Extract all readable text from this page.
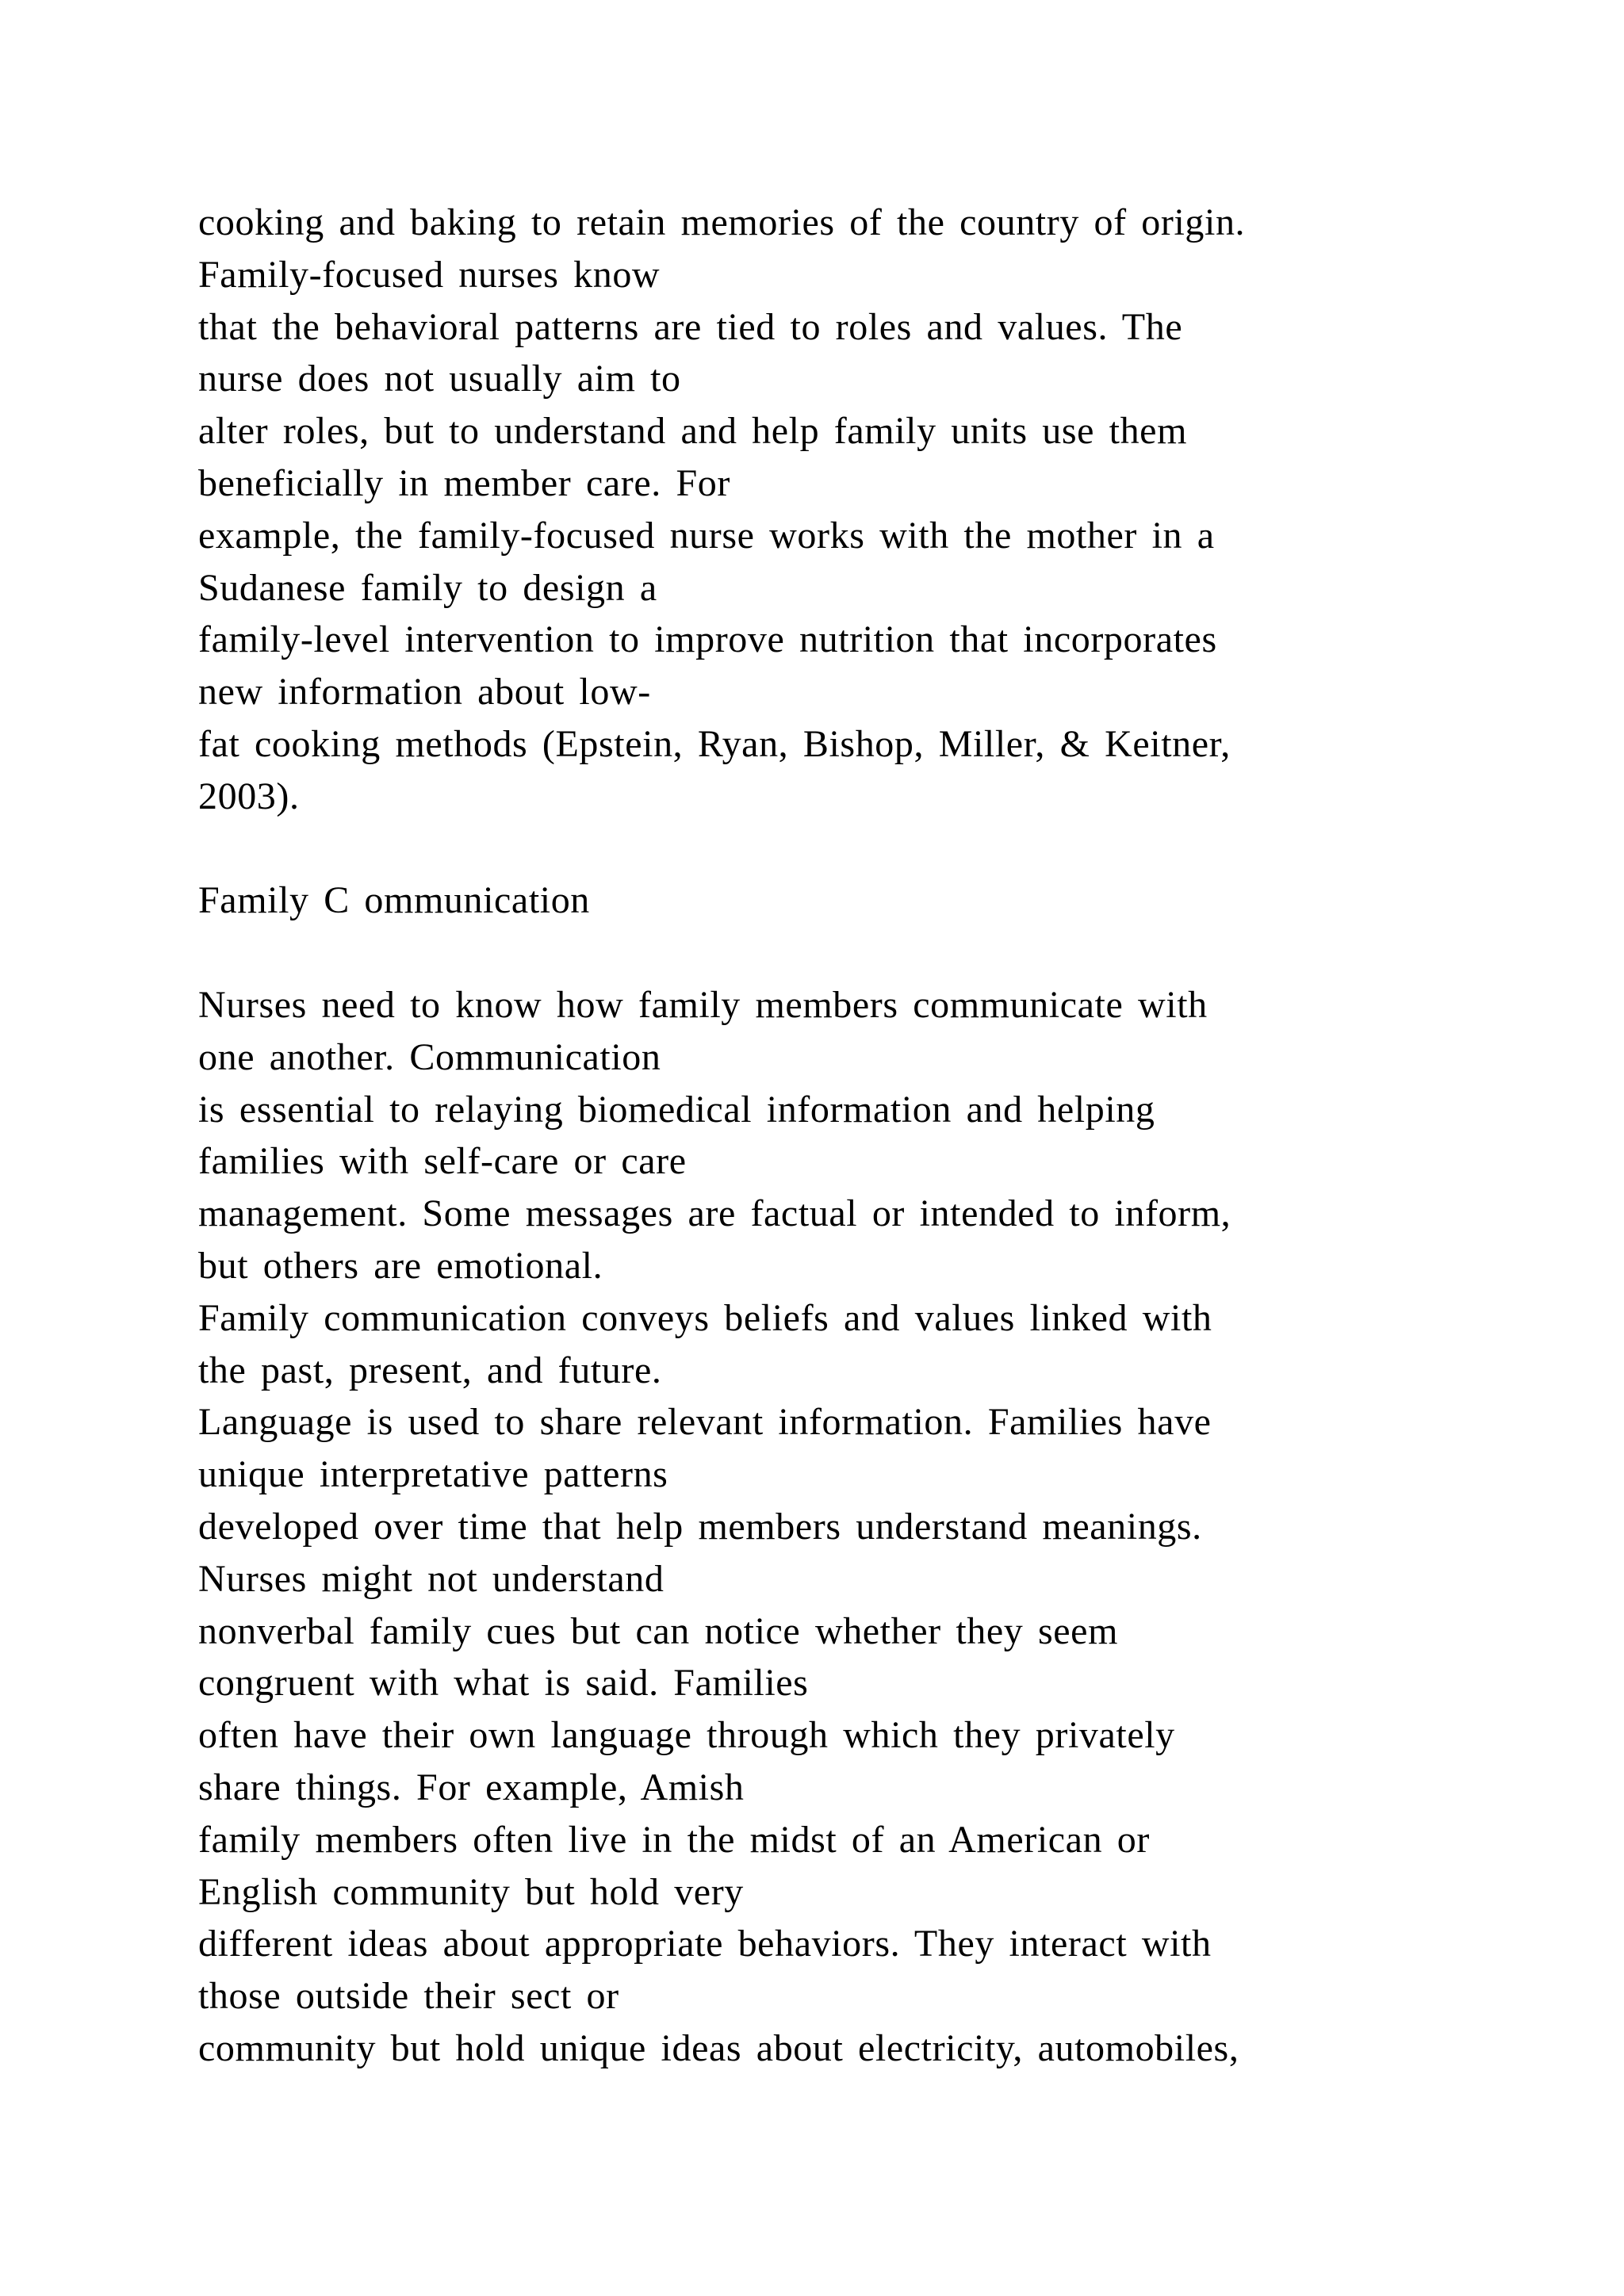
cooking and baking to retain memories of the country of origin.
Family-focused nurses know
that the behavioral patterns are tied to roles and values. The
nurse does not usually aim to
alter roles, but to understand and help family units use them
beneficially in member care. For
example, the family-focused nurse works with the mother in a
Sudanese family to design a
family-level intervention to improve nutrition that incorporates
new information about low-
fat cooking methods (Epstein, Ryan, Bishop, Miller, & Keitner,
2003).
Family C ommunication
Nurses need to know how family members communicate with
one another. Communication
is essential to relaying biomedical information and helping
families with self-care or care
management. Some messages are factual or intended to inform,
but others are emotional.
Family communication conveys beliefs and values linked with
the past, present, and future.
Language is used to share relevant information. Families have
unique interpretative patterns
developed over time that help members understand meanings.
Nurses might not understand
nonverbal family cues but can notice whether they seem
congruent with what is said. Families
often have their own language through which they privately
share things. For example, Amish
family members often live in the midst of an American or
English community but hold very
different ideas about appropriate behaviors. They interact with
those outside their sect or
community but hold unique ideas about electricity, automobiles,
